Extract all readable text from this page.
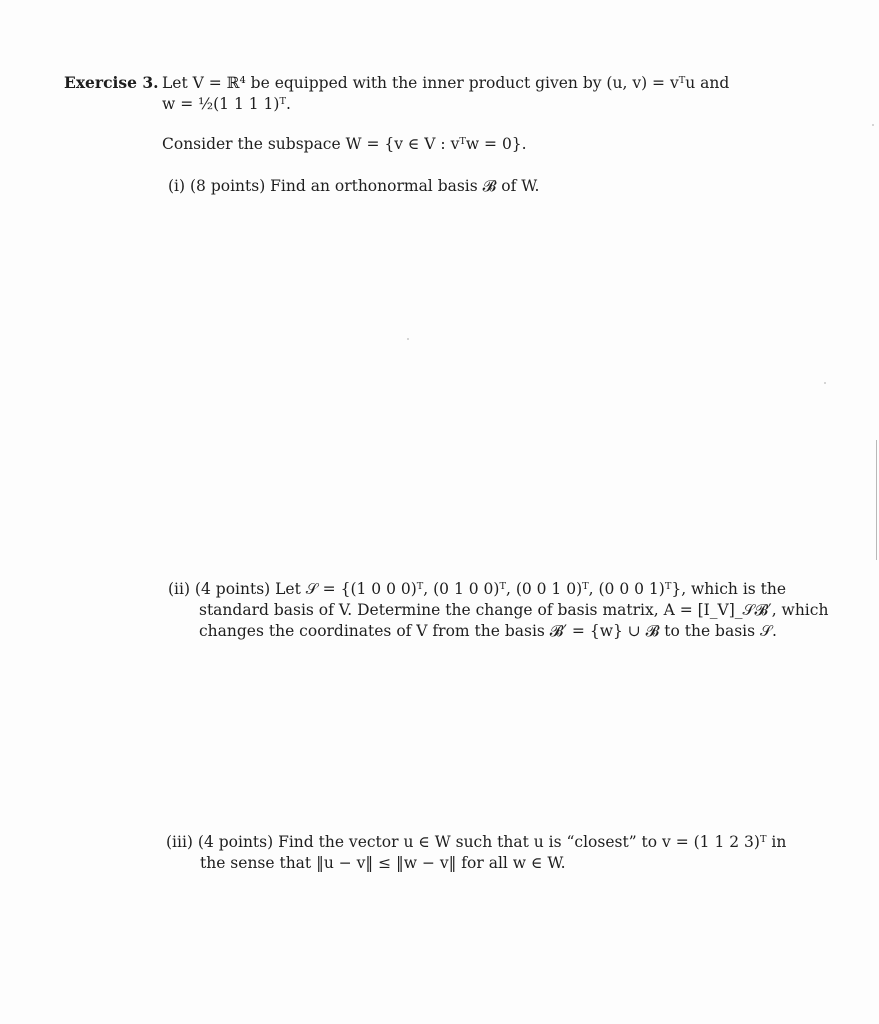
Exercise 3. Let V = ℝ⁴ be equipped with the inner product given by (u, v) = vᵀu and
w = ½(1 1 1 1)ᵀ.
Consider the subspace W = {v ∈ V : vᵀw = 0}.
(i) (8 points) Find an orthonormal basis 𝓑 of W.
(ii) (4 points) Let 𝒮 = {(1 0 0 0)ᵀ, (0 1 0 0)ᵀ, (0 0 1 0)ᵀ, (0 0 0 1)ᵀ}, which is the
standard basis of V. Determine the change of basis matrix, A = [I_V]_𝒮𝓑′, which
changes the coordinates of V from the basis 𝓑′ = {w} ∪ 𝓑 to the basis 𝒮.
(iii) (4 points) Find the vector u ∈ W such that u is “closest” to v = (1 1 2 3)ᵀ in
the sense that ‖u − v‖ ≤ ‖w − v‖ for all w ∈ W.
